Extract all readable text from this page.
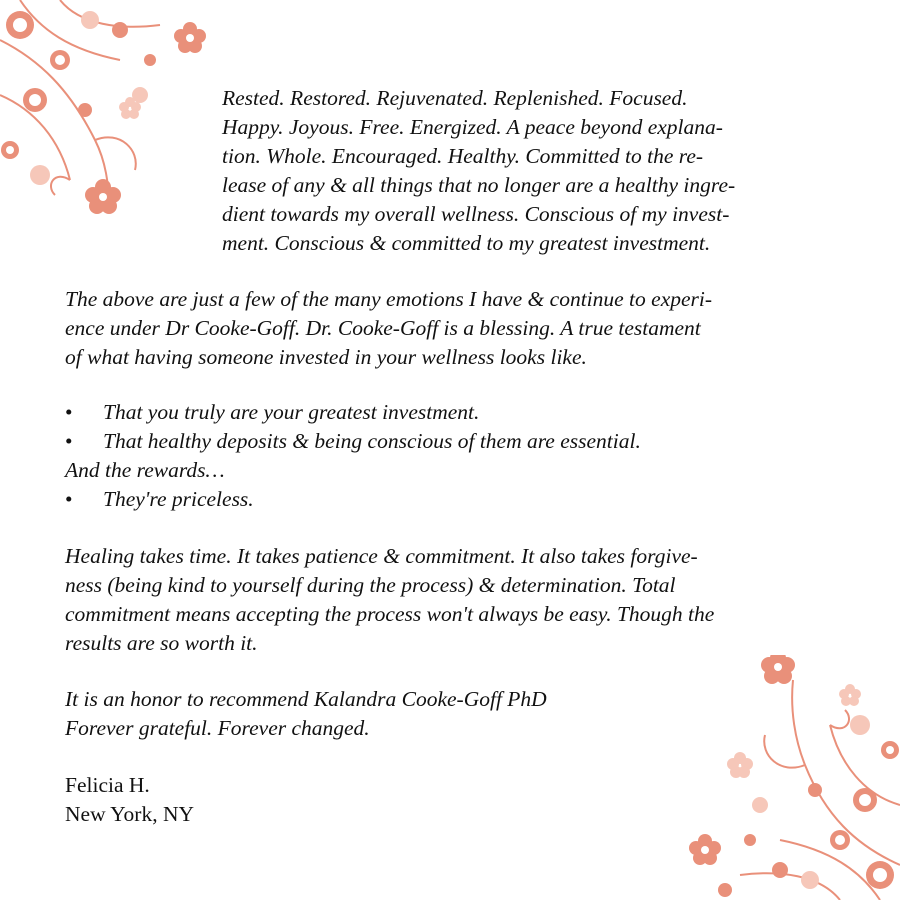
Rested. Restored. Rejuvenated. Replenished. Focused.
Happy. Joyous. Free. Energized. A peace beyond explana-
tion. Whole. Encouraged. Healthy. Committed to the re-
lease of any & all things that no longer are a healthy ingre-
dient towards my overall wellness. Conscious of my invest-
ment. Conscious & committed to my greatest investment.
The above are just a few of the many emotions I have & continue to experi-
ence under Dr Cooke-Goff. Dr. Cooke-Goff is a blessing. A true testament
of what having someone invested in your wellness looks like.
• That you truly are your greatest investment.
• That healthy deposits & being conscious of them are essential.
And the rewards…
• They're priceless.
Healing takes time. It takes patience & commitment. It also takes forgive-
ness (being kind to yourself during the process) & determination. Total
commitment means accepting the process won't always be easy. Though the
results are so worth it.
It is an honor to recommend Kalandra Cooke-Goff PhD
Forever grateful. Forever changed.
Felicia H.
New York, NY
